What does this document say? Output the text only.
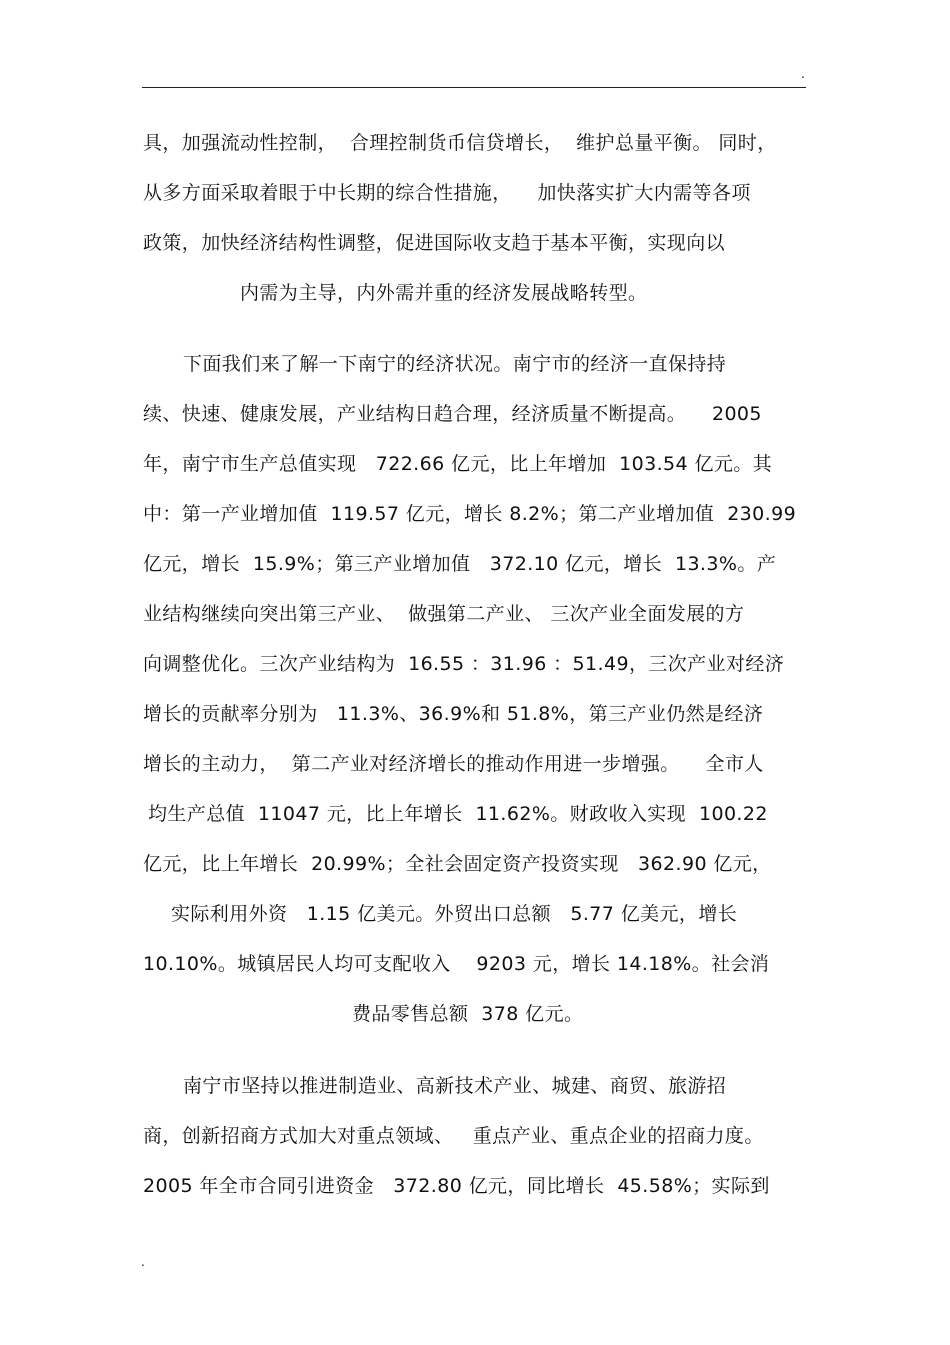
.
具，加强流动性控制，  合理控制货币信贷增长，  维护总量平衡。 同时，
从多方面采取着眼于中长期的综合性措施，    加快落实扩大内需等各项
政策，加快经济结构性调整，促进国际收支趋于基本平衡，实现向以
内需为主导，内外需并重的经济发展战略转型。
下面我们来了解一下南宁的经济状况。南宁市的经济一直保持持
续、快速、健康发展，产业结构日趋合理，经济质量不断提高。    2005
年，南宁市生产总值实现   722.66 亿元，比上年增加  103.54 亿元。其
中：第一产业增加值  119.57 亿元，增长 8.2%；第二产业增加值  230.99
亿元，增长  15.9%；第三产业增加值   372.10 亿元，增长  13.3%。产
业结构继续向突出第三产业、  做强第二产业、 三次产业全面发展的方
向调整优化。三次产业结构为  16.55 ：31.96 ：51.49，三次产业对经济
增长的贡献率分别为   11.3%、36.9%和 51.8%，第三产业仍然是经济
增长的主动力，  第二产业对经济增长的推动作用进一步增强。    全市人
均生产总值  11047 元，比上年增长  11.62%。财政收入实现  100.22
亿元，比上年增长  20.99%；全社会固定资产投资实现   362.90 亿元，
实际利用外资   1.15 亿美元。外贸出口总额   5.77 亿美元，增长
10.10%。城镇居民人均可支配收入    9203 元，增长 14.18%。社会消
费品零售总额  378 亿元。
南宁市坚持以推进制造业、高新技术产业、城建、商贸、旅游招
商，创新招商方式加大对重点领域、   重点产业、重点企业的招商力度。
2005 年全市合同引进资金   372.80 亿元，同比增长  45.58%；实际到
.
